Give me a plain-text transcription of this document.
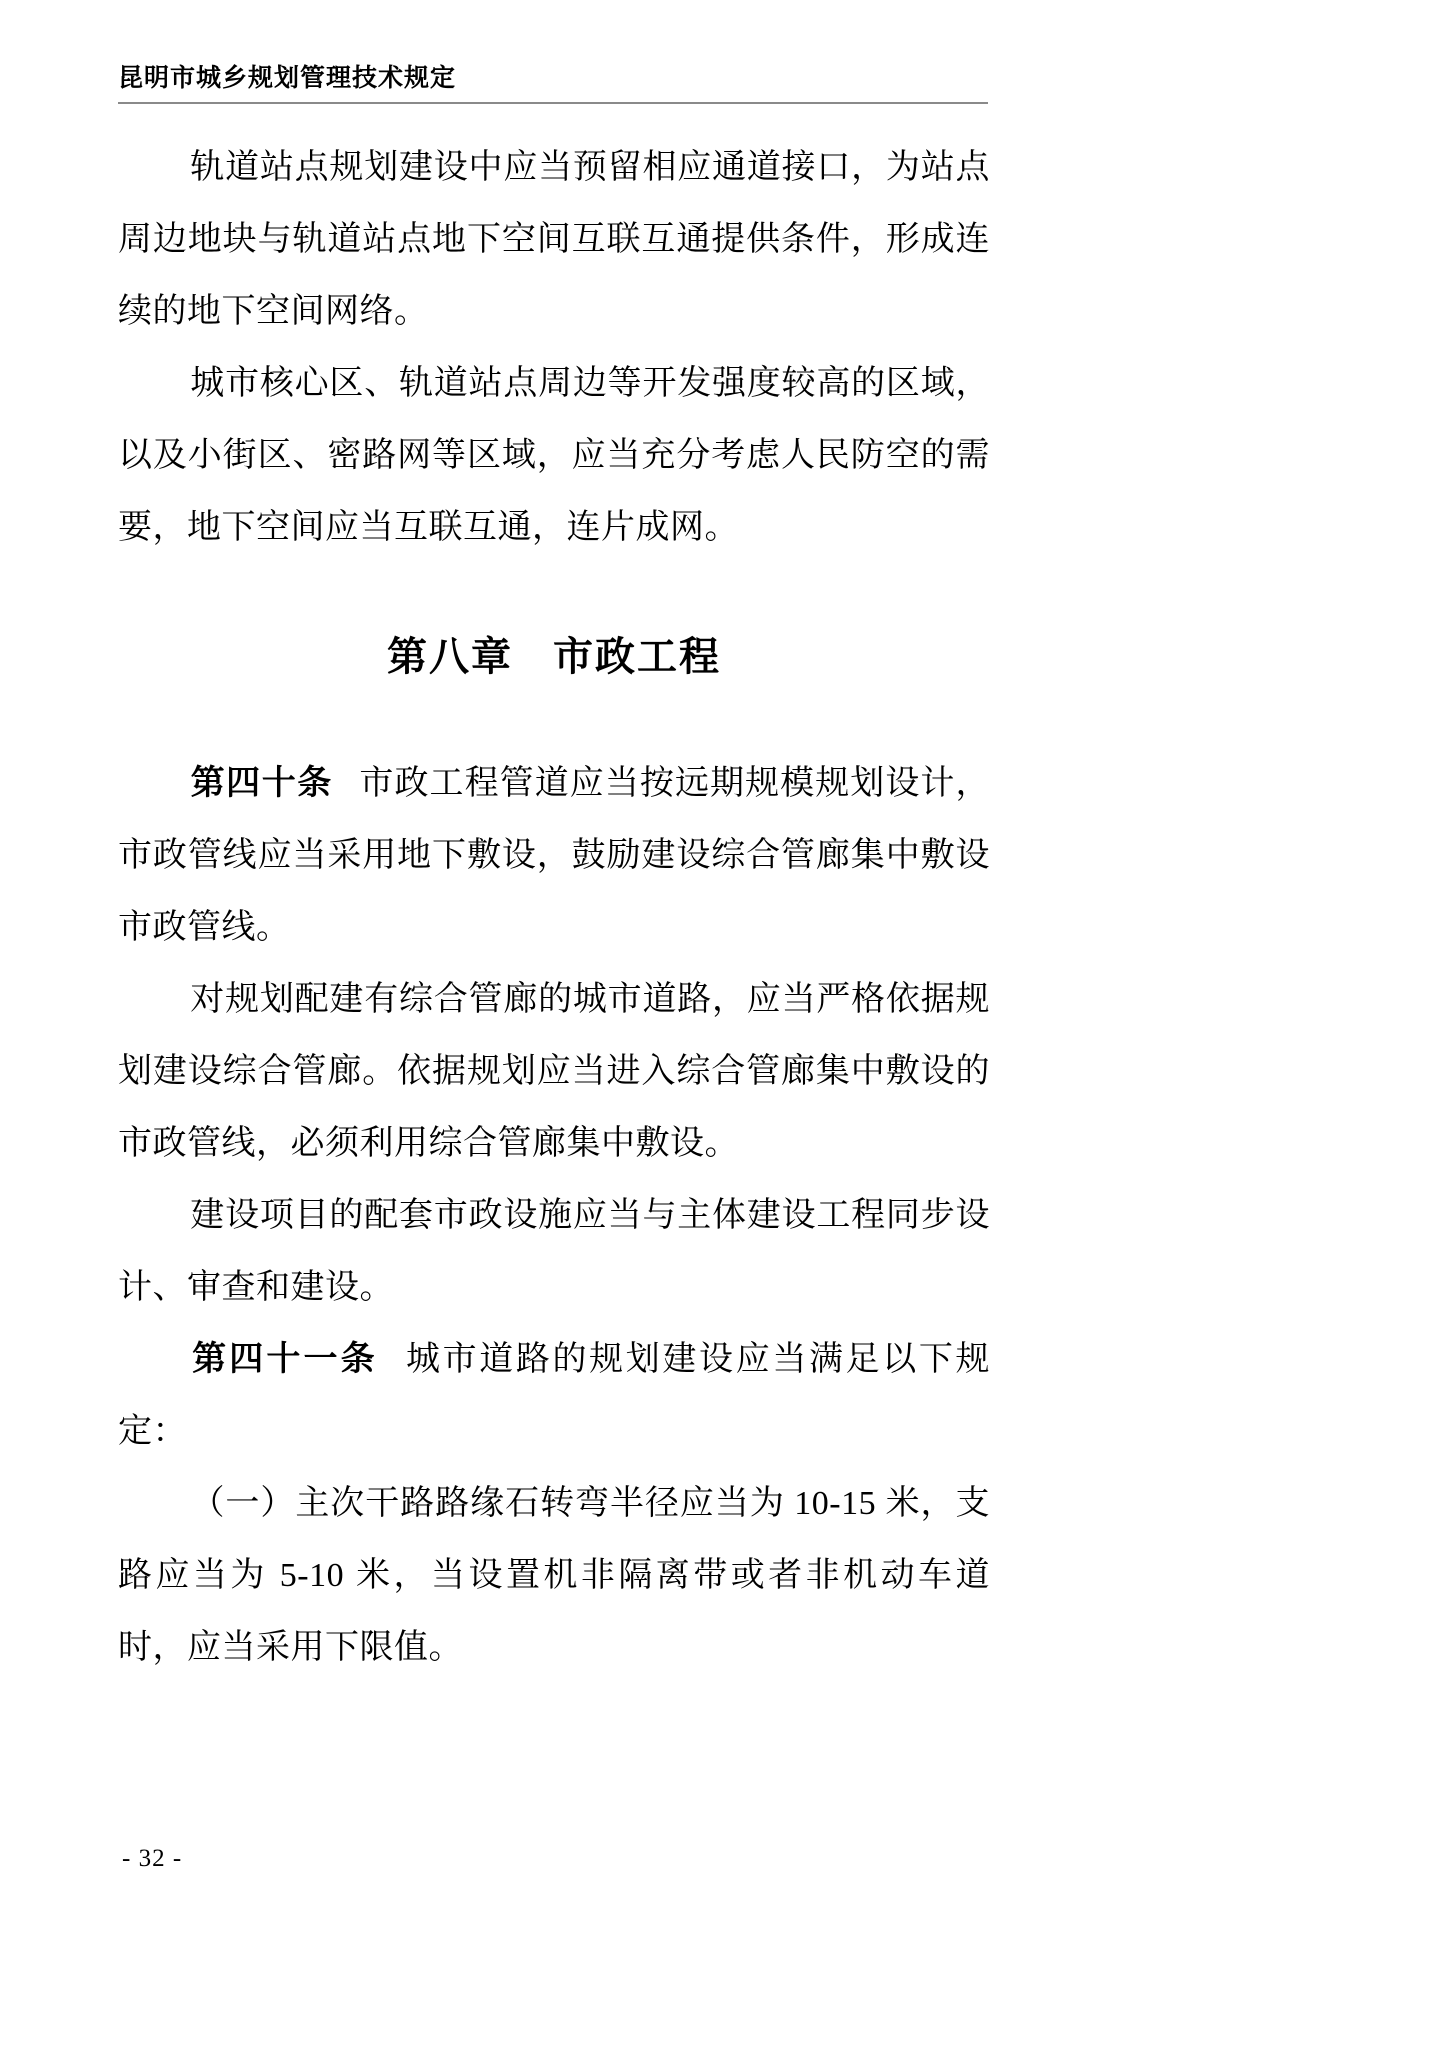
昆明市城乡规划管理技术规定

轨道站点规划建设中应当预留相应通道接口，为站点周边地块与轨道站点地下空间互联互通提供条件，形成连续的地下空间网络。

城市核心区、轨道站点周边等开发强度较高的区域，以及小街区、密路网等区域，应当充分考虑人民防空的需要，地下空间应当互联互通，连片成网。

第八章 市政工程

第四十条 市政工程管道应当按远期规模规划设计，市政管线应当采用地下敷设，鼓励建设综合管廊集中敷设市政管线。

对规划配建有综合管廊的城市道路，应当严格依据规划建设综合管廊。依据规划应当进入综合管廊集中敷设的市政管线，必须利用综合管廊集中敷设。

建设项目的配套市政设施应当与主体建设工程同步设计、审查和建设。

第四十一条 城市道路的规划建设应当满足以下规定：

（一）主次干路路缘石转弯半径应当为 10-15 米，支路应当为 5-10 米，当设置机非隔离带或者非机动车道时，应当采用下限值。

- 32 -
